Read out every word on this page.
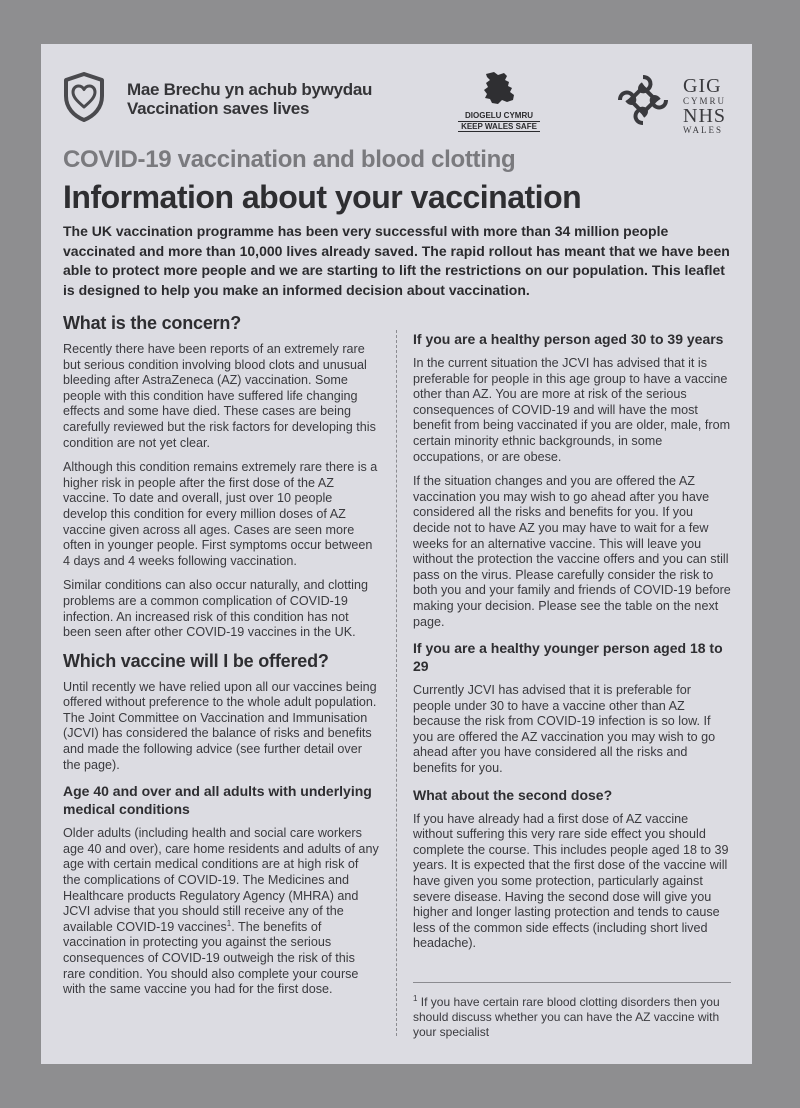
Mae Brechu yn achub bywydau
Vaccination saves lives	DIOGELU CYMRU
KEEP WALES SAFE
GIG
CYMRU
NHS
WALES
COVID-19 vaccination and blood clotting
Information about your vaccination
The UK vaccination programme has been very successful with more than 34 million people vaccinated and more than 10,000 lives already saved. The rapid rollout has meant that we have been able to protect more people and we are starting to lift the restrictions on our population. This leaflet is designed to help you make an informed decision about vaccination.
What is the concern?

Recently there have been reports of an extremely rare but serious condition involving blood clots and unusual bleeding after AstraZeneca (AZ) vaccination. Some people with this condition have suffered life changing effects and some have died. These cases are being carefully reviewed but the risk factors for developing this condition are not yet clear.

Although this condition remains extremely rare there is a higher risk in people after the first dose of the AZ vaccine. To date and overall, just over 10 people develop this condition for every million doses of AZ vaccine given across all ages. Cases are seen more often in younger people. First symptoms occur between 4 days and 4 weeks following vaccination.

Similar conditions can also occur naturally, and clotting problems are a common complication of COVID-19 infection. An increased risk of this condition has not been seen after other COVID-19 vaccines in the UK.

Which vaccine will I be offered?

Until recently we have relied upon all our vaccines being offered without preference to the whole adult population. The Joint Committee on Vaccination and Immunisation (JCVI) has considered the balance of risks and benefits and made the following advice (see further detail over the page).

Age 40 and over and all adults with underlying medical conditions

Older adults (including health and social care workers age 40 and over), care home residents and adults of any age with certain medical conditions are at high risk of the complications of COVID-19. The Medicines and Healthcare products Regulatory Agency (MHRA) and JCVI advise that you should still receive any of the available COVID-19 vaccines$^1$. The benefits of vaccination in protecting you against the serious consequences of COVID-19 outweigh the risk of this rare condition. You should also complete your course with the same vaccine you had for the first dose.

If you are a healthy person aged 30 to 39 years

In the current situation the JCVI has advised that it is preferable for people in this age group to have a vaccine other than AZ. You are more at risk of the serious consequences of COVID-19 and will have the most benefit from being vaccinated if you are older, male, from certain minority ethnic backgrounds, in some occupations, or are obese.

If the situation changes and you are offered the AZ vaccination you may wish to go ahead after you have considered all the risks and benefits for you. If you decide not to have AZ you may have to wait for a few weeks for an alternative vaccine. This will leave you without the protection the vaccine offers and you can still pass on the virus. Please carefully consider the risk to both you and your family and friends of COVID-19 before making your decision. Please see the table on the next page.

If you are a healthy younger person aged 18 to 29

Currently JCVI has advised that it is preferable for people under 30 to have a vaccine other than AZ because the risk from COVID-19 infection is so low. If you are offered the AZ vaccination you may wish to go ahead after you have considered all the risks and benefits for you.

What about the second dose?

If you have already had a first dose of AZ vaccine without suffering this very rare side effect you should complete the course. This includes people aged 18 to 39 years. It is expected that the first dose of the vaccine will have given you some protection, particularly against severe disease. Having the second dose will give you higher and longer lasting protection and tends to cause less of the common side effects (including short lived headache).

$^1$ If you have certain rare blood clotting disorders then you should discuss whether you can have the AZ vaccine with your specialist
